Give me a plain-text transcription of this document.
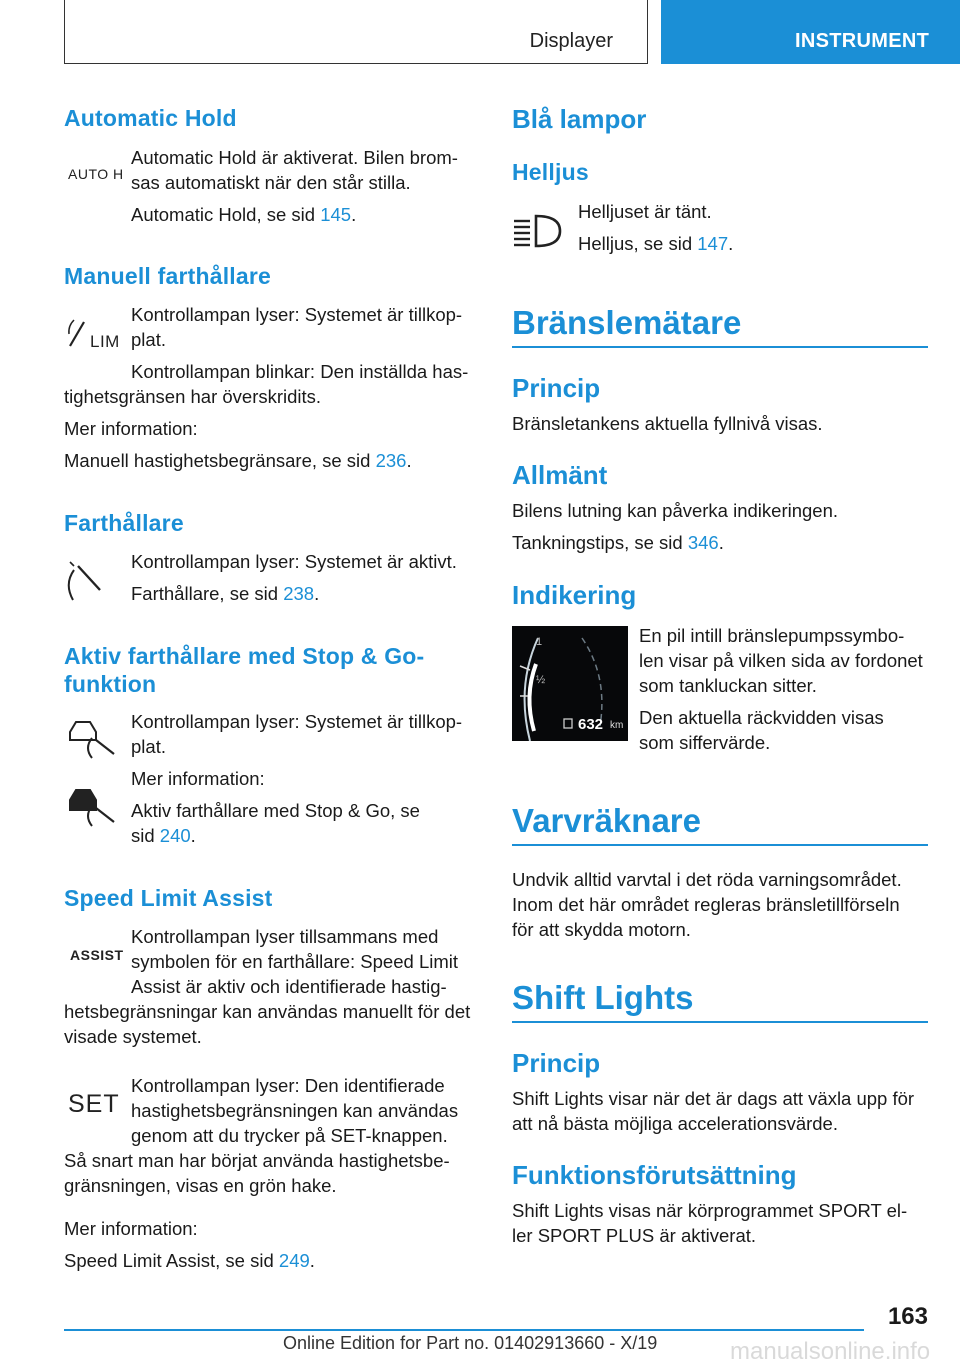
Displayer	INSTRUMENT
Automatic Hold
AUTO H

Automatic Hold är aktiverat. Bilen brom-

sas automatiskt när den står stilla.

Automatic Hold, se sid 145.

Manuell farthållare
LIM

Kontrollampan lyser: Systemet är tillkop-

plat.

Kontrollampan blinkar: Den inställda has-

tighetsgränsen har överskridits.

Mer information:

Manuell hastighetsbegränsare, se sid 236.

Farthållare

Kontrollampan lyser: Systemet är aktivt.

Farthållare, se sid 238.

Aktiv farthållare med Stop & Go-
funktion

Kontrollampan lyser: Systemet är tillkop-

plat.

Mer information:

Aktiv farthållare med Stop & Go, se

sid 240.

Speed Limit Assist
ASSIST

Kontrollampan lyser tillsammans med

symbolen för en farthållare: Speed Limit

Assist är aktiv och identifierade hastig-

hetsbegränsningar kan användas manuellt för det

visade systemet.

SET

Kontrollampan lyser: Den identifierade

hastighetsbegränsningen kan användas

genom att du trycker på SET-knappen.

Så snart man har börjat använda hastighetsbe-

gränsningen, visas en grön hake.

Mer information:

Speed Limit Assist, se sid 249.

Blå lampor
Helljus

Helljuset är tänt.

Helljus, se sid 147.

Bränslemätare
Princip

Bränsletankens aktuella fyllnivå visas.

Allmänt

Bilens lutning kan påverka indikeringen.

Tankningstips, se sid 346.

Indikering
1
½
632 km

En pil intill bränslepumpssymbo-

len visar på vilken sida av fordonet

som tankluckan sitter.

Den aktuella räckvidden visas

som siffervärde.

Varvräknare

Undvik alltid varvtal i det röda varningsområdet.

Inom det här området regleras bränsletillförseln

för att skydda motorn.

Shift Lights
Princip

Shift Lights visar när det är dags att växla upp för

att nå bästa möjliga accelerationsvärde.

Funktionsförutsättning

Shift Lights visas när körprogrammet SPORT el-

ler SPORT PLUS är aktiverat.

163
Online Edition for Part no. 01402913660 - X/19	manualsonline.info
